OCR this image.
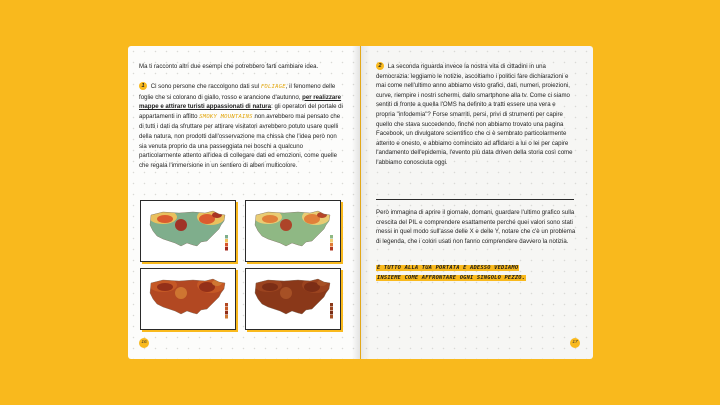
Ma ti racconto altri due esempi che potrebbero farti cambiare idea.

1 Ci sono persone che raccolgono dati sul FOLIAGE, il fenomeno delle foglie che si colorano di giallo, rosso e arancione d'autunno, per realizzare mappe e attirare turisti appassionati di natura: gli operatori del portale di appartamenti in affitto SMOKY MOUNTAINS non avrebbero mai pensato che di tutti i dati da sfruttare per attirare visitatori avrebbero potuto usare quelli della natura, non prodotti dall'osservazione ma chissà che l'idea però non sia venuta proprio da una passeggiata nei boschi a qualcuno particolarmente attento all'idea di collegare dati ed emozioni, come quelle che regala l'immersione in un sentiero di alberi multicolore.

16

2 La seconda riguarda invece la nostra vita di cittadini in una democrazia: leggiamo le notizie, ascoltiamo i politici fare dichiarazioni e mai come nell'ultimo anno abbiamo visto grafici, dati, numeri, proiezioni, curve, riempire i nostri schermi, dallo smartphone alla tv. Come ci siamo sentiti di fronte a quella l'OMS ha definito a tratti essere una vera e propria "infodemia"? Forse smarriti, persi, privi di strumenti per capire quello che stava succedendo, finché non abbiamo trovato una pagina Facebook, un divulgatore scientifico che ci è sembrato particolarmente attento e onesto, e abbiamo cominciato ad affidarci a lui o lei per capire l'andamento dell'epidemia, l'evento più data driven della storia così come l'abbiamo conosciuta oggi.

Però immagina di aprire il giornale, domani, guardare l'ultimo grafico sulla crescita del PIL e comprendere esattamente perché quei valori sono stati messi in quel modo sull'asse delle X e delle Y, notare che c'è un problema di legenda, che i colori usati non fanno comprendere davvero la notizia.

È TUTTO ALLA TUA PORTATA E ADESSO VEDIAMO
INSIEME COME AFFRONTARE OGNI SINGOLO PEZZO.
17
